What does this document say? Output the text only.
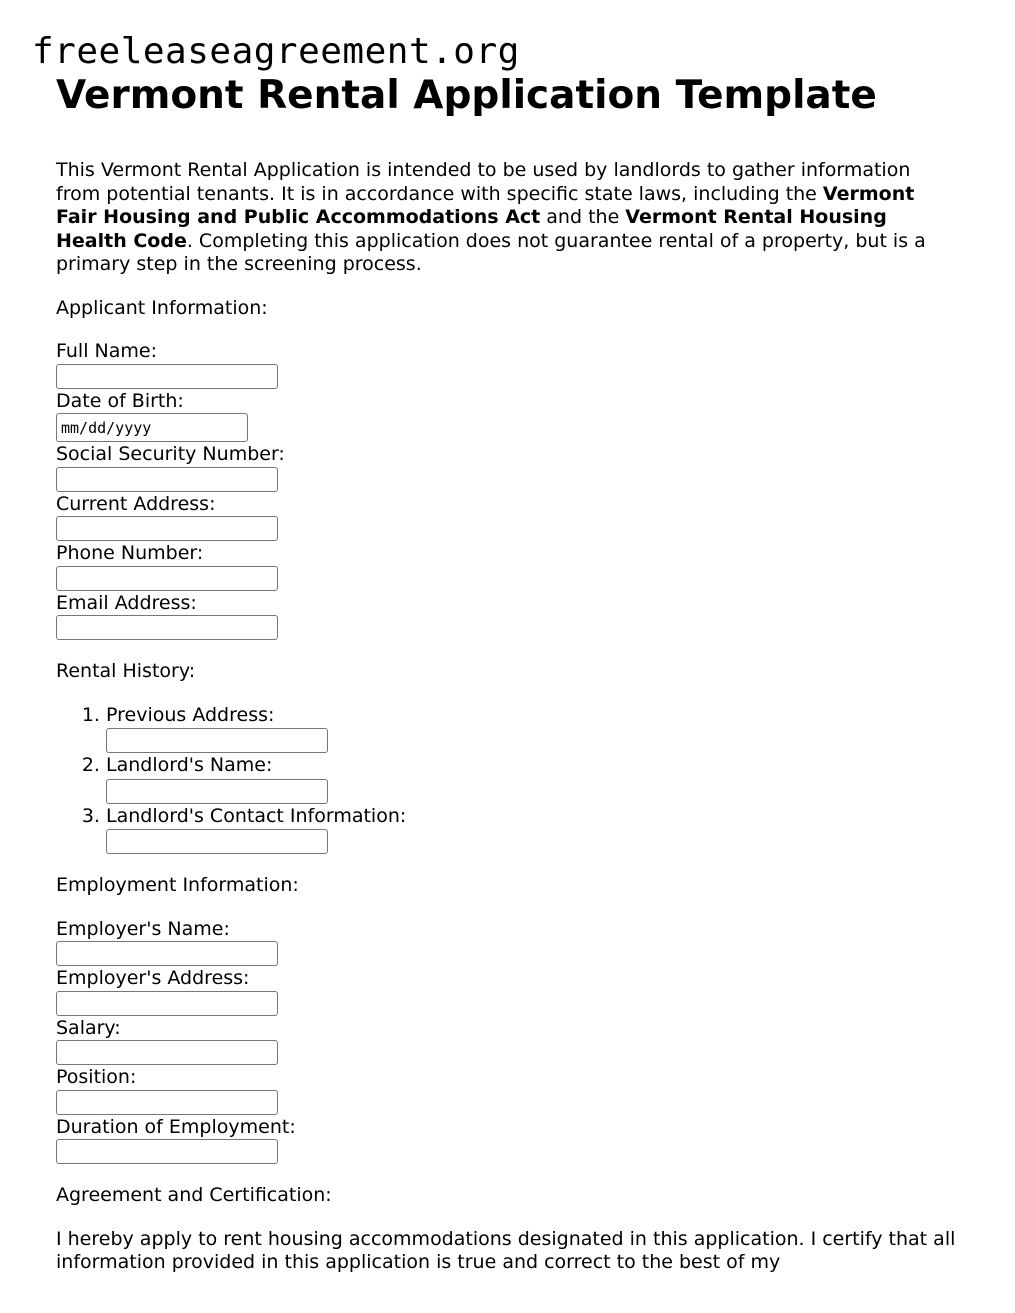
freeleaseagreement.org
Vermont Rental Application Template

This Vermont Rental Application is intended to be used by landlords to gather information from potential tenants. It is in accordance with specific state laws, including the Vermont Fair Housing and Public Accommodations Act and the Vermont Rental Housing Health Code. Completing this application does not guarantee rental of a property, but is a primary step in the screening process.

Applicant Information:
Full Name:
Date of Birth:
mm/dd/yyyy
Social Security Number:
Current Address:
Phone Number:
Email Address:
Rental History:
1. Previous Address:
2. Landlord's Name:
3. Landlord's Contact Information:
Employment Information:
Employer's Name:
Employer's Address:
Salary:
Position:
Duration of Employment:
Agreement and Certification:

I hereby apply to rent housing accommodations designated in this application. I certify that all information provided in this application is true and correct to the best of my
